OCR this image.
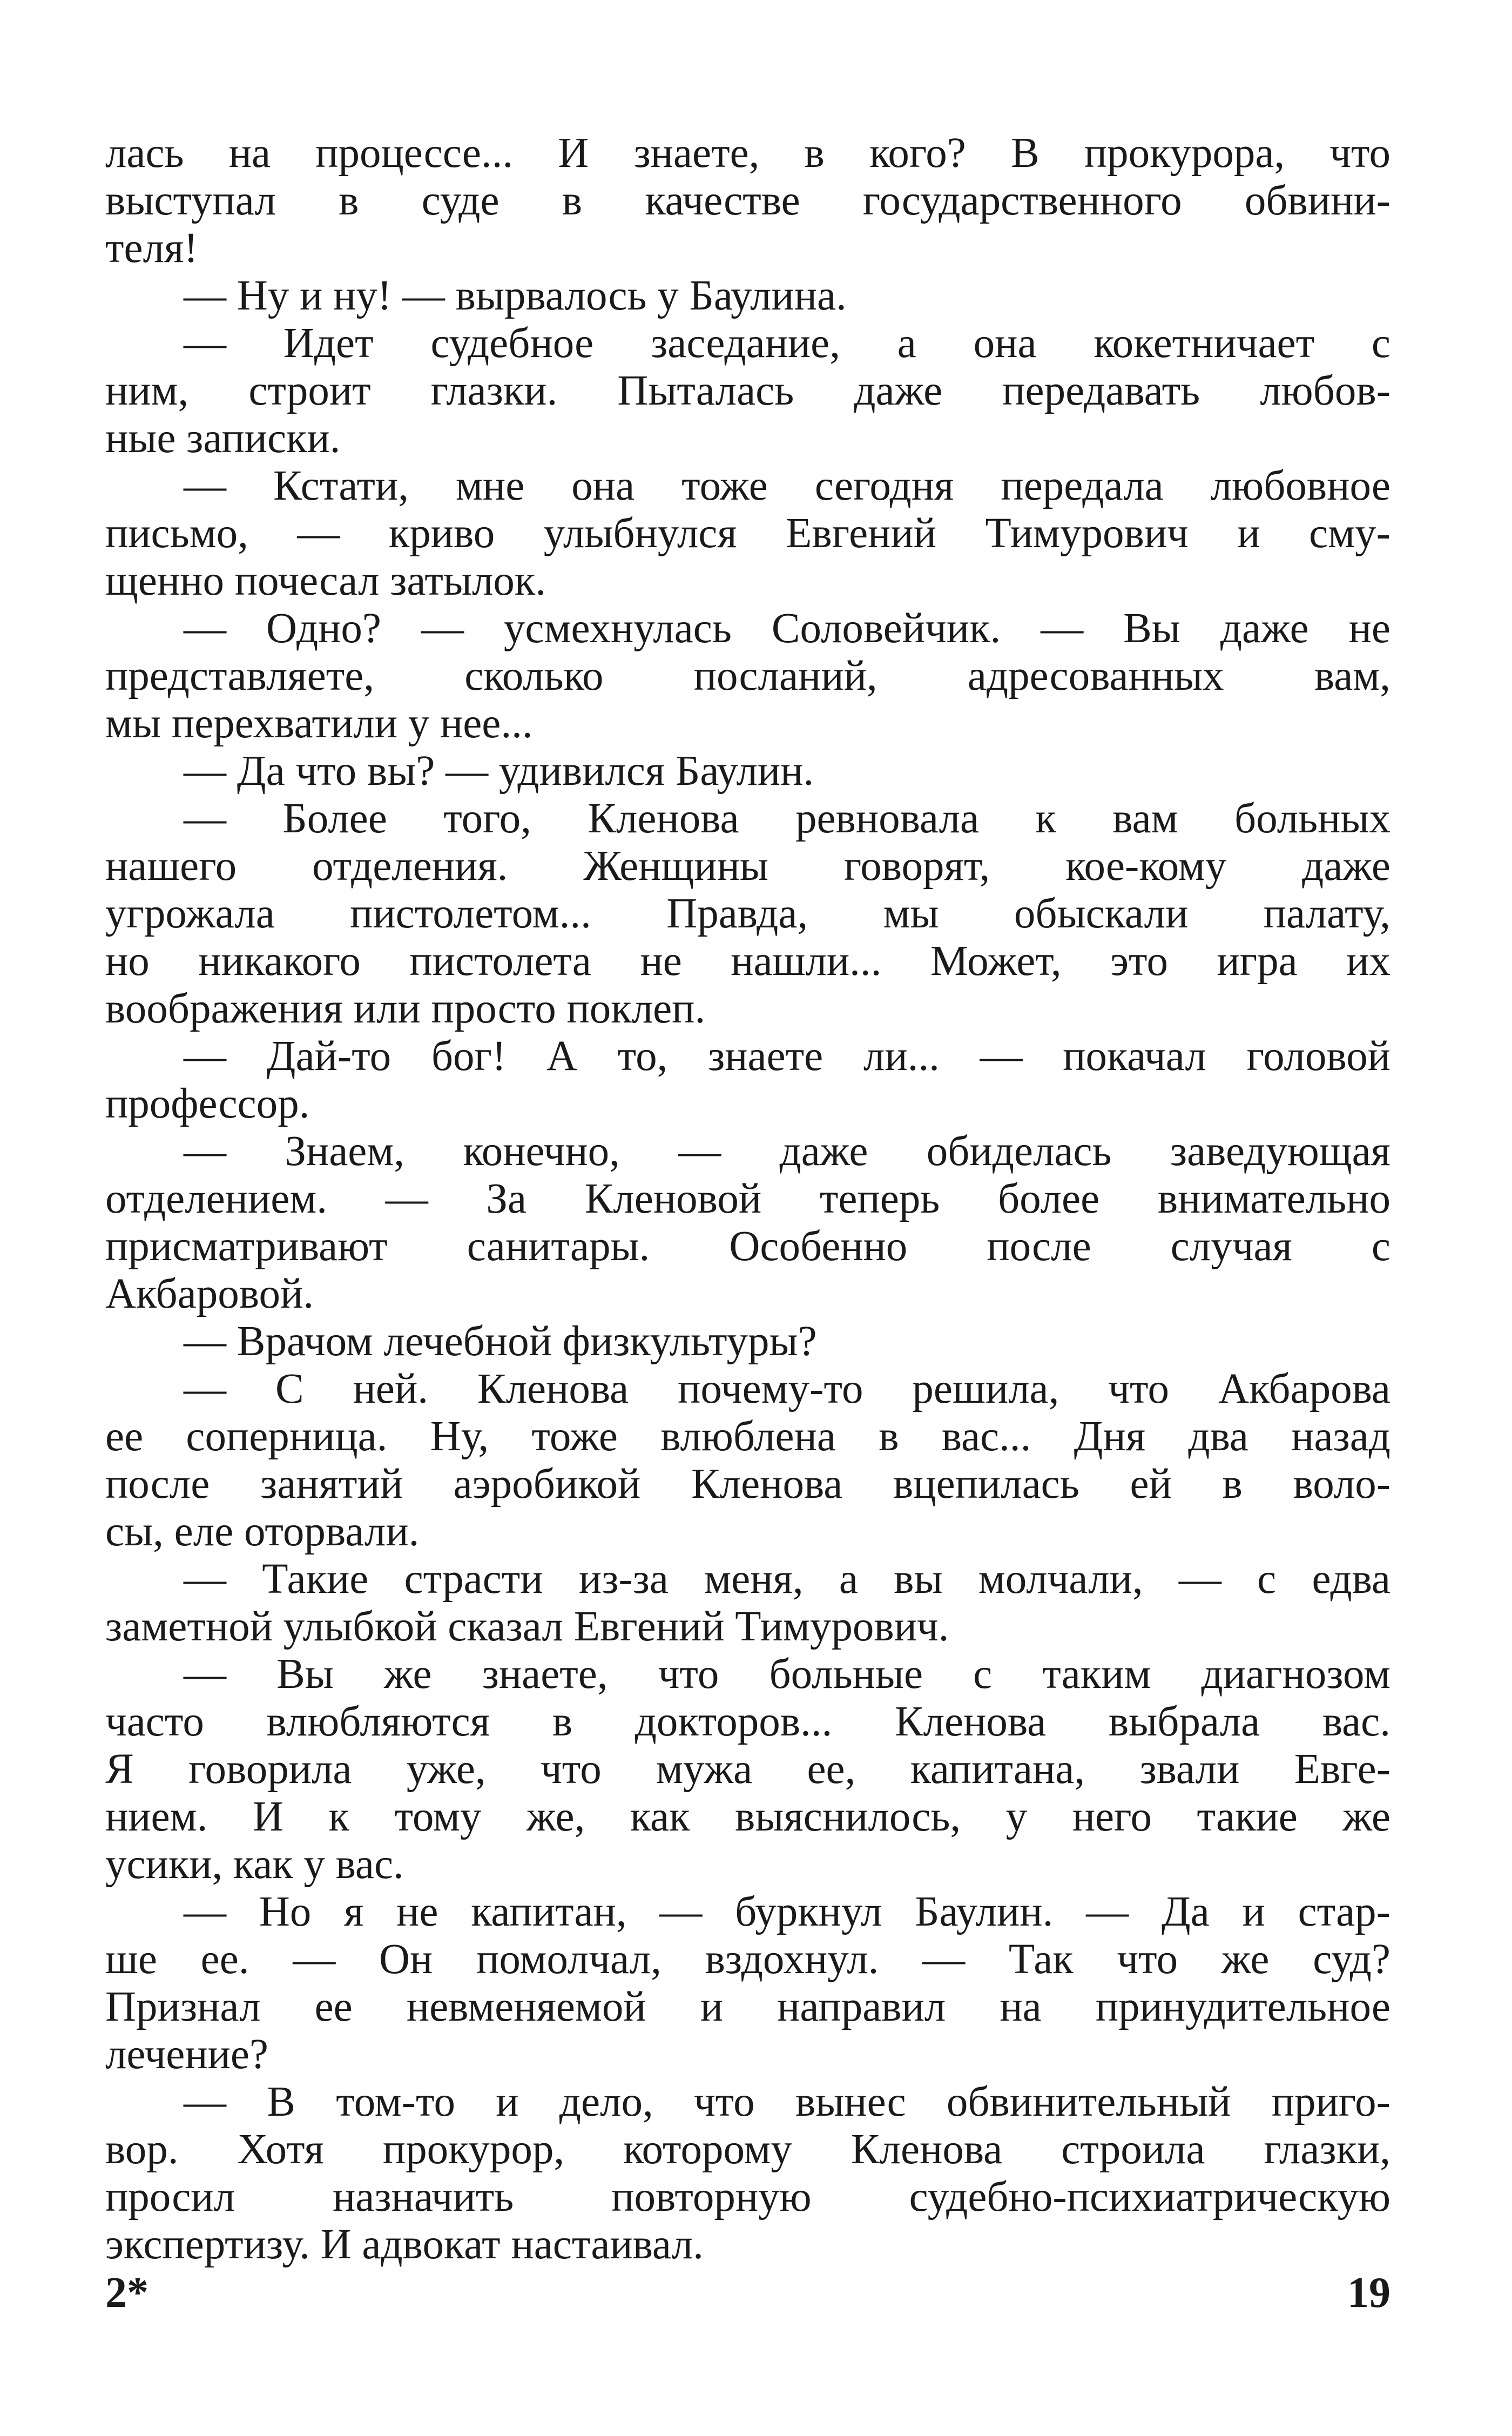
лась на процессе... И знаете, в кого? В прокурора, что
выступал в суде в качестве государственного обвини-
теля!
— Ну и ну! — вырвалось у Баулина.
— Идет судебное заседание, а она кокетничает с
ним, строит глазки. Пыталась даже передавать любов-
ные записки.
— Кстати, мне она тоже сегодня передала любовное
письмо, — криво улыбнулся Евгений Тимурович и сму-
щенно почесал затылок.
— Одно? — усмехнулась Соловейчик. — Вы даже не
представляете, сколько посланий, адресованных вам,
мы перехватили у нее...
— Да что вы? — удивился Баулин.
— Более того, Кленова ревновала к вам больных
нашего отделения. Женщины говорят, кое-кому даже
угрожала пистолетом... Правда, мы обыскали палату,
но никакого пистолета не нашли... Может, это игра их
воображения или просто поклеп.
— Дай-то бог! А то, знаете ли... — покачал головой
профессор.
— Знаем, конечно, — даже обиделась заведующая
отделением. — За Кленовой теперь более внимательно
присматривают санитары. Особенно после случая с
Акбаровой.
— Врачом лечебной физкультуры?
— С ней. Кленова почему-то решила, что Акбарова
ее соперница. Ну, тоже влюблена в вас... Дня два назад
после занятий аэробикой Кленова вцепилась ей в воло-
сы, еле оторвали.
— Такие страсти из-за меня, а вы молчали, — с едва
заметной улыбкой сказал Евгений Тимурович.
— Вы же знаете, что больные с таким диагнозом
часто влюбляются в докторов... Кленова выбрала вас.
Я говорила уже, что мужа ее, капитана, звали Евге-
нием. И к тому же, как выяснилось, у него такие же
усики, как у вас.
— Но я не капитан, — буркнул Баулин. — Да и стар-
ше ее. — Он помолчал, вздохнул. — Так что же суд?
Признал ее невменяемой и направил на принудительное
лечение?
— В том-то и дело, что вынес обвинительный приго-
вор. Хотя прокурор, которому Кленова строила глазки,
просил назначить повторную судебно-психиатрическую
экспертизу. И адвокат настаивал.
2*	19
